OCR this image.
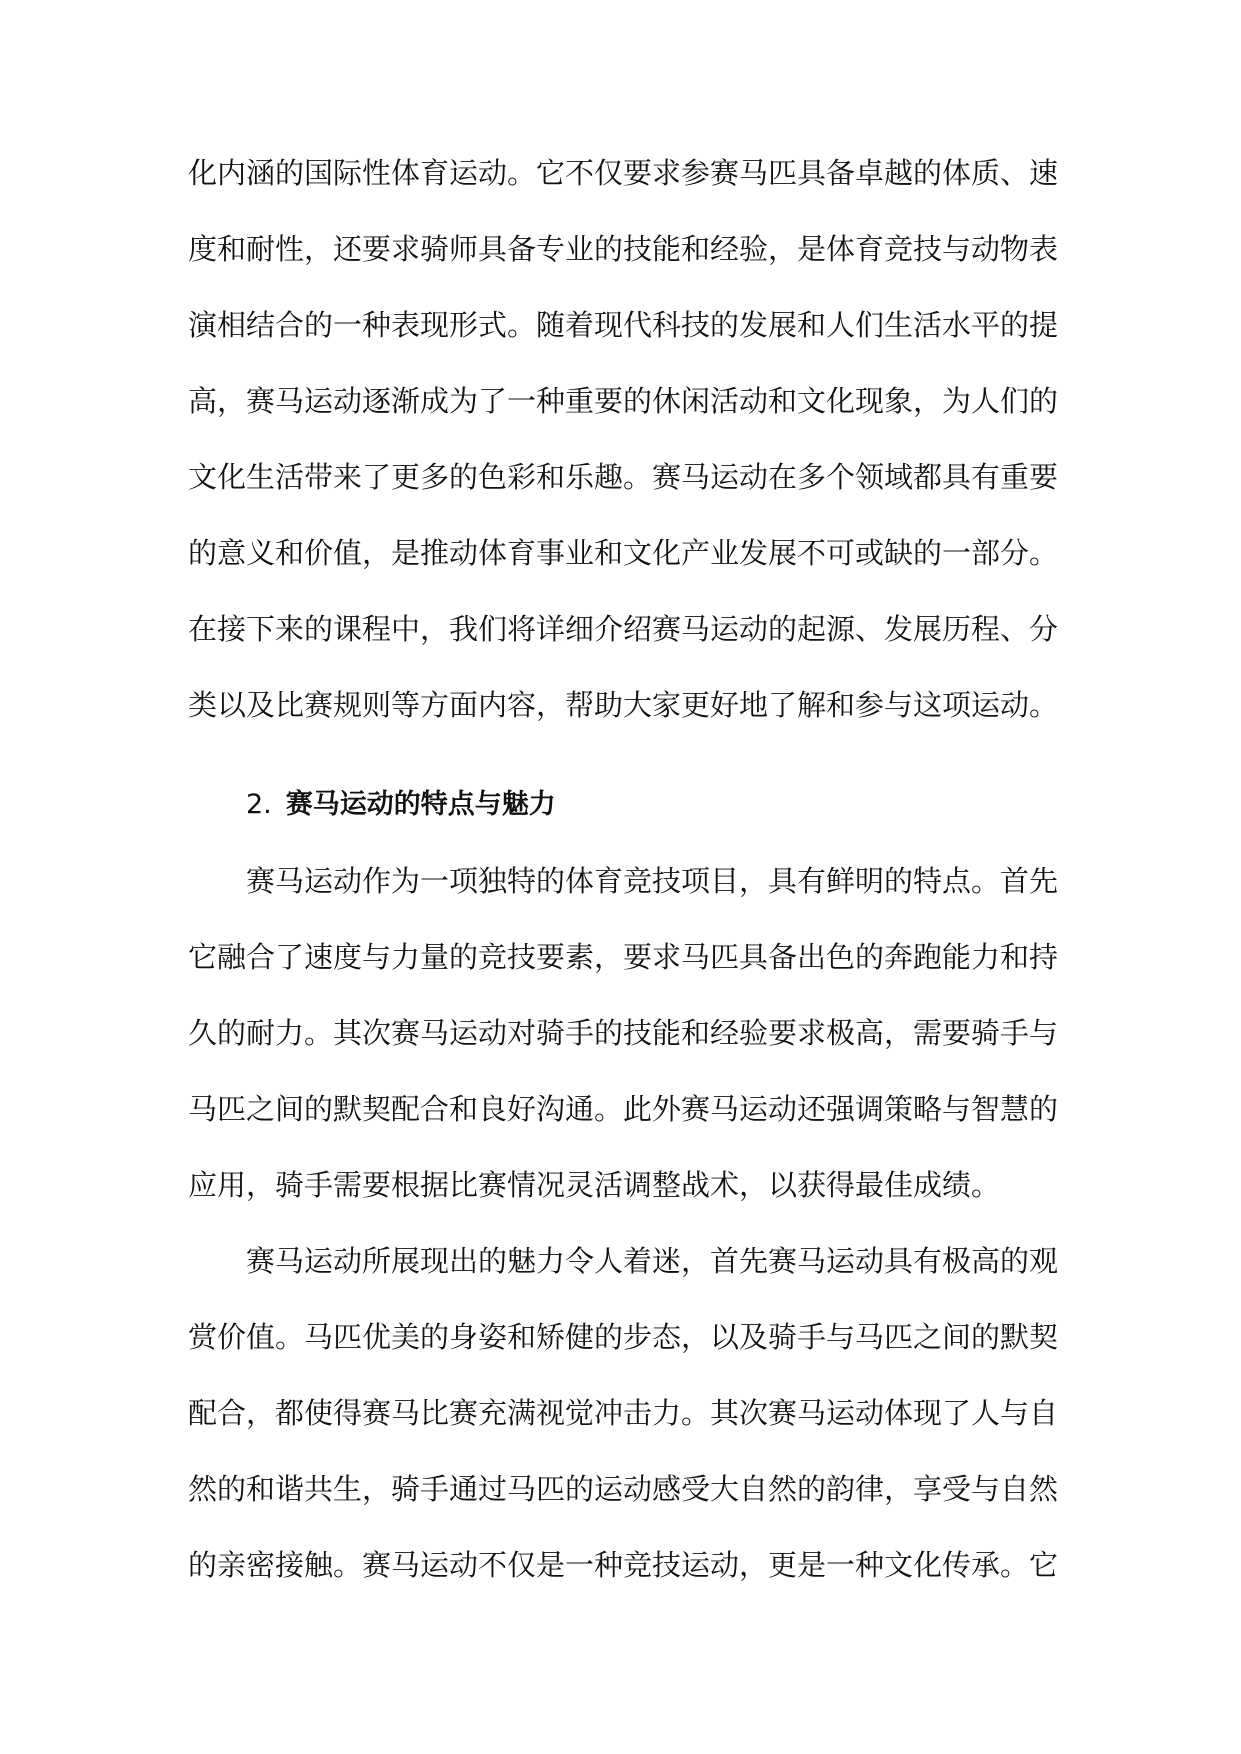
化内涵的国际性体育运动。它不仅要求参赛马匹具备卓越的体质、速
度和耐性，还要求骑师具备专业的技能和经验，是体育竞技与动物表
演相结合的一种表现形式。随着现代科技的发展和人们生活水平的提
高，赛马运动逐渐成为了一种重要的休闲活动和文化现象，为人们的
文化生活带来了更多的色彩和乐趣。赛马运动在多个领域都具有重要
的意义和价值，是推动体育事业和文化产业发展不可或缺的一部分。
在接下来的课程中，我们将详细介绍赛马运动的起源、发展历程、分
类以及比赛规则等方面内容，帮助大家更好地了解和参与这项运动。
2. 赛马运动的特点与魅力
赛马运动作为一项独特的体育竞技项目，具有鲜明的特点。首先
它融合了速度与力量的竞技要素，要求马匹具备出色的奔跑能力和持
久的耐力。其次赛马运动对骑手的技能和经验要求极高，需要骑手与
马匹之间的默契配合和良好沟通。此外赛马运动还强调策略与智慧的
应用，骑手需要根据比赛情况灵活调整战术，以获得最佳成绩。
赛马运动所展现出的魅力令人着迷，首先赛马运动具有极高的观
赏价值。马匹优美的身姿和矫健的步态，以及骑手与马匹之间的默契
配合，都使得赛马比赛充满视觉冲击力。其次赛马运动体现了人与自
然的和谐共生，骑手通过马匹的运动感受大自然的韵律，享受与自然
的亲密接触。赛马运动不仅是一种竞技运动，更是一种文化传承。它
